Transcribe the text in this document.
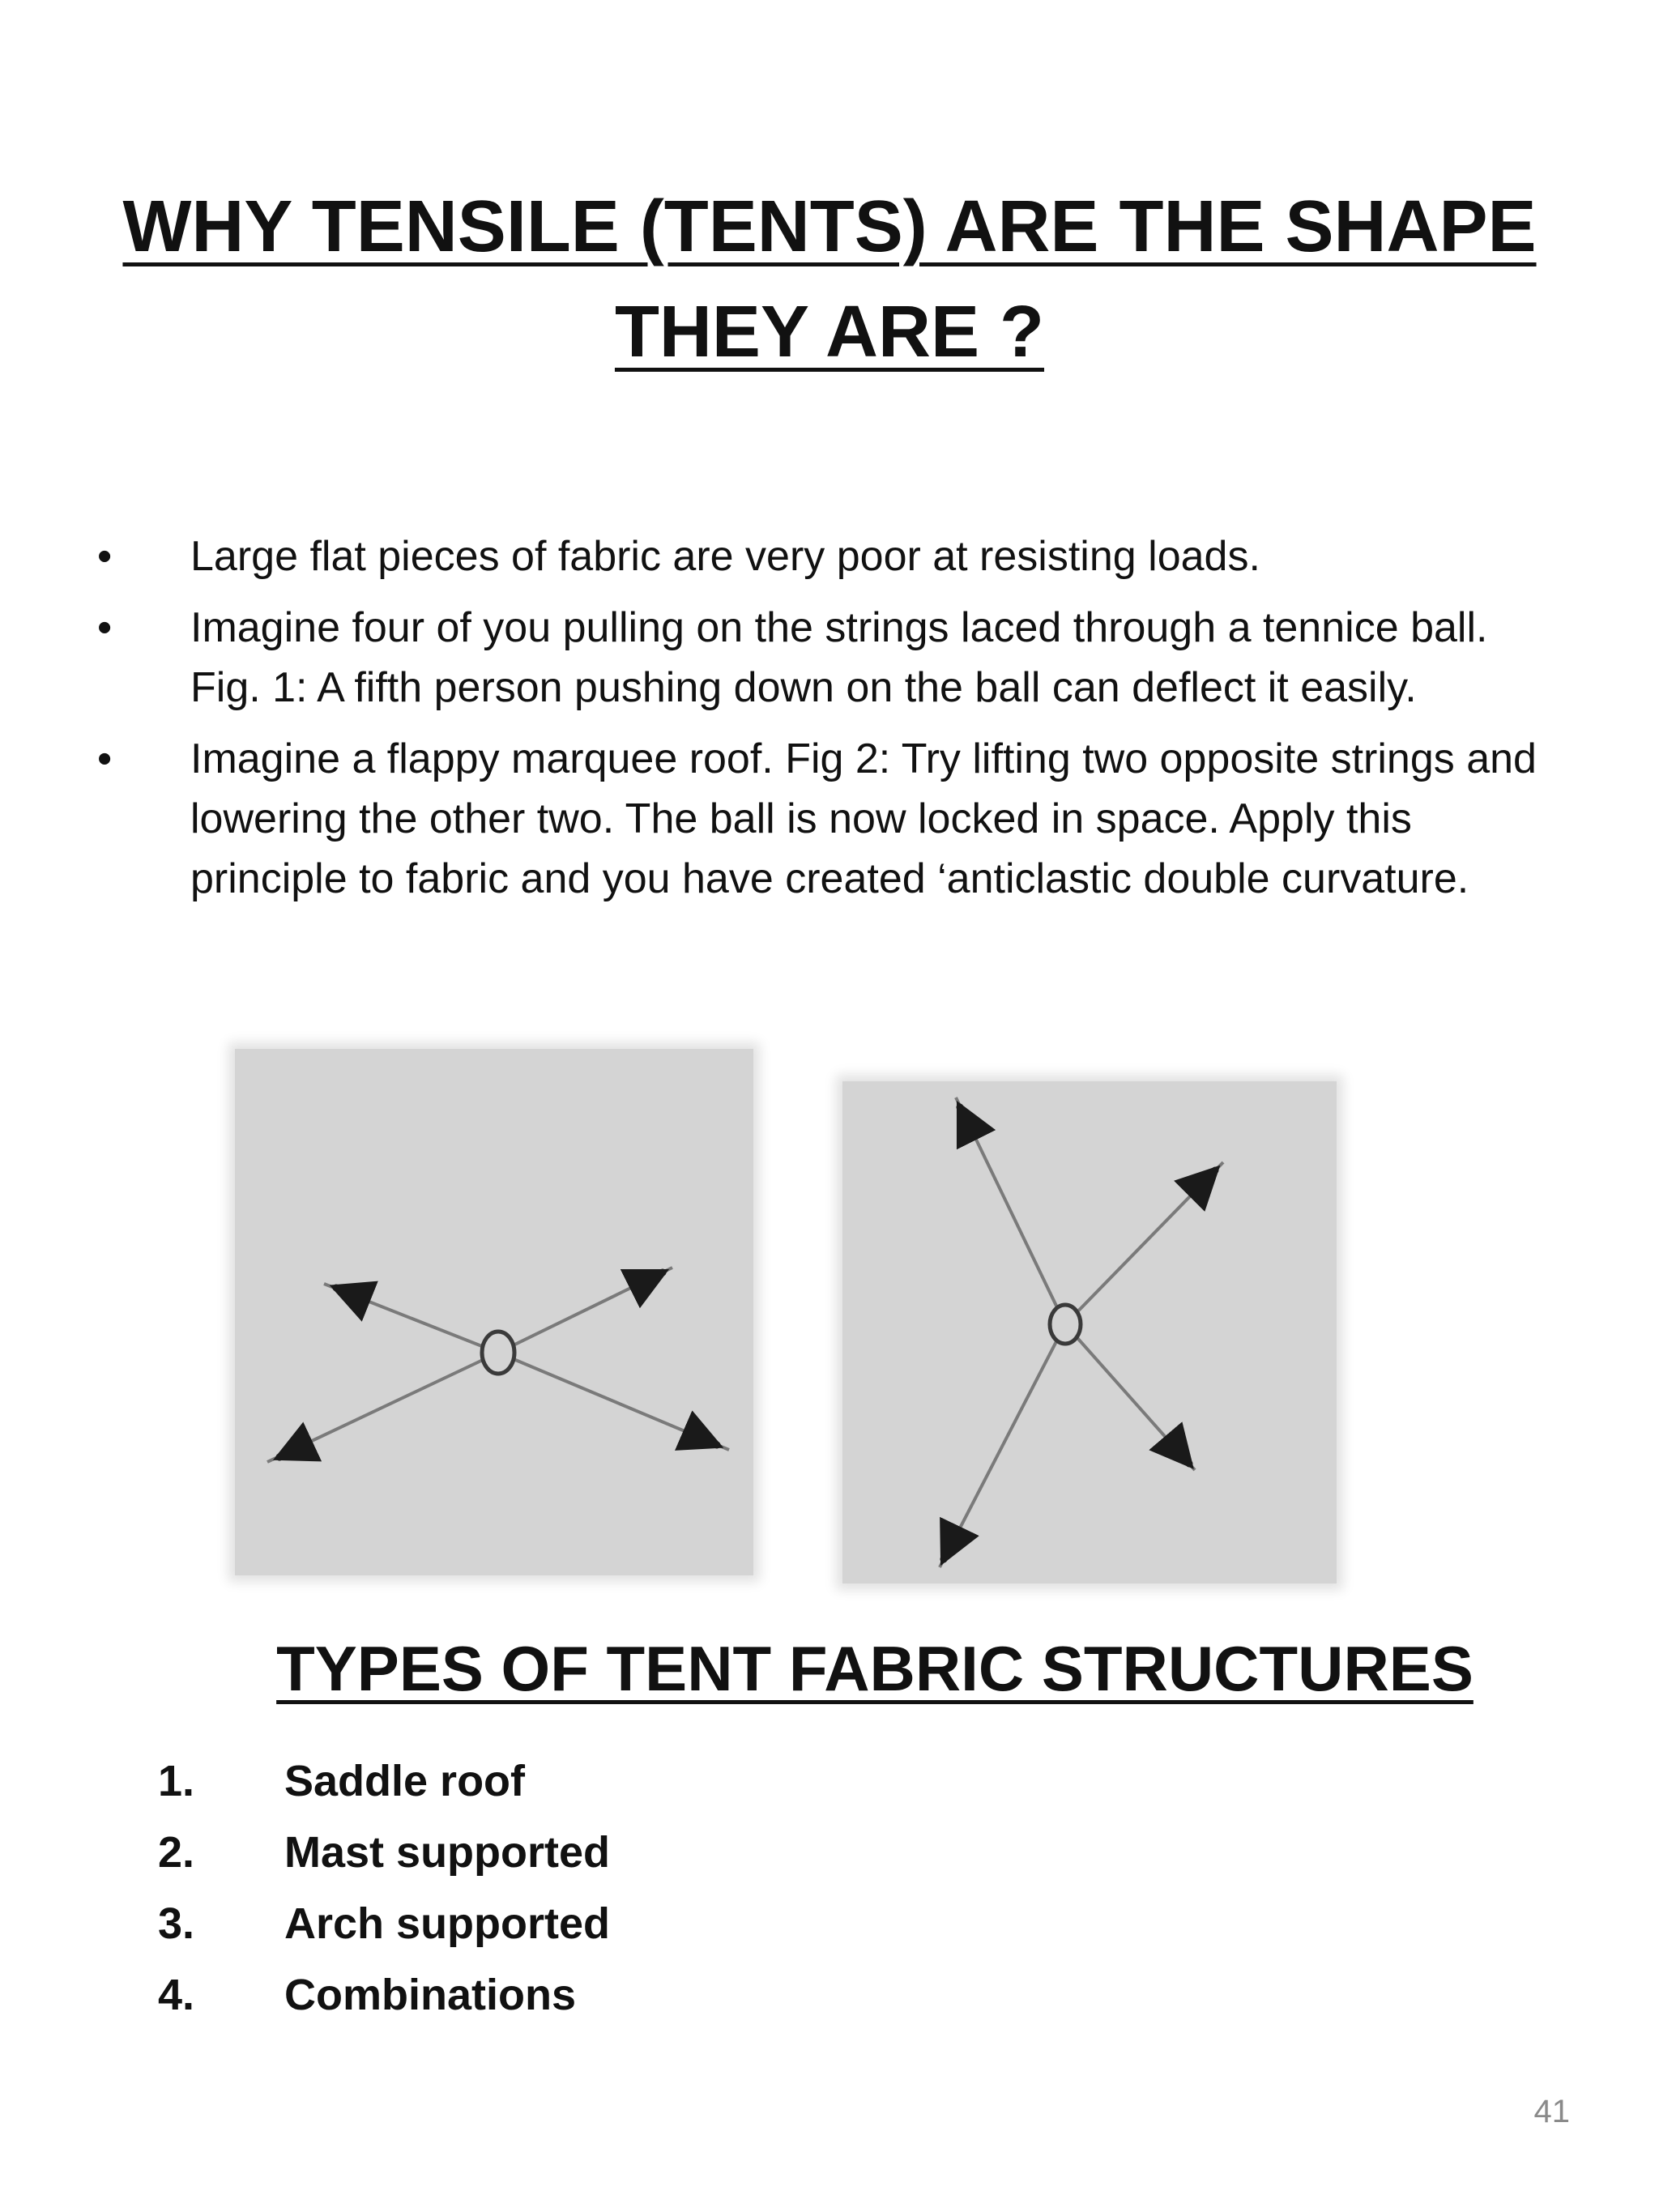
WHY TENSILE (TENTS) ARE THE SHAPE THEY ARE ?
•	Large flat pieces of fabric are very poor at resisting loads.
•	Imagine four of you pulling on the strings laced through a tennice ball. Fig. 1: A fifth person pushing down on the ball can deflect it easily.
•	Imagine a flappy marquee roof. Fig 2: Try lifting two opposite strings and lowering the other two. The ball is now locked in space. Apply this principle to fabric and you have created ‘anticlastic double curvature.
TYPES OF TENT FABRIC STRUCTURES
1. Saddle roof
2. Mast supported
3. Arch supported
4. Combinations
41
